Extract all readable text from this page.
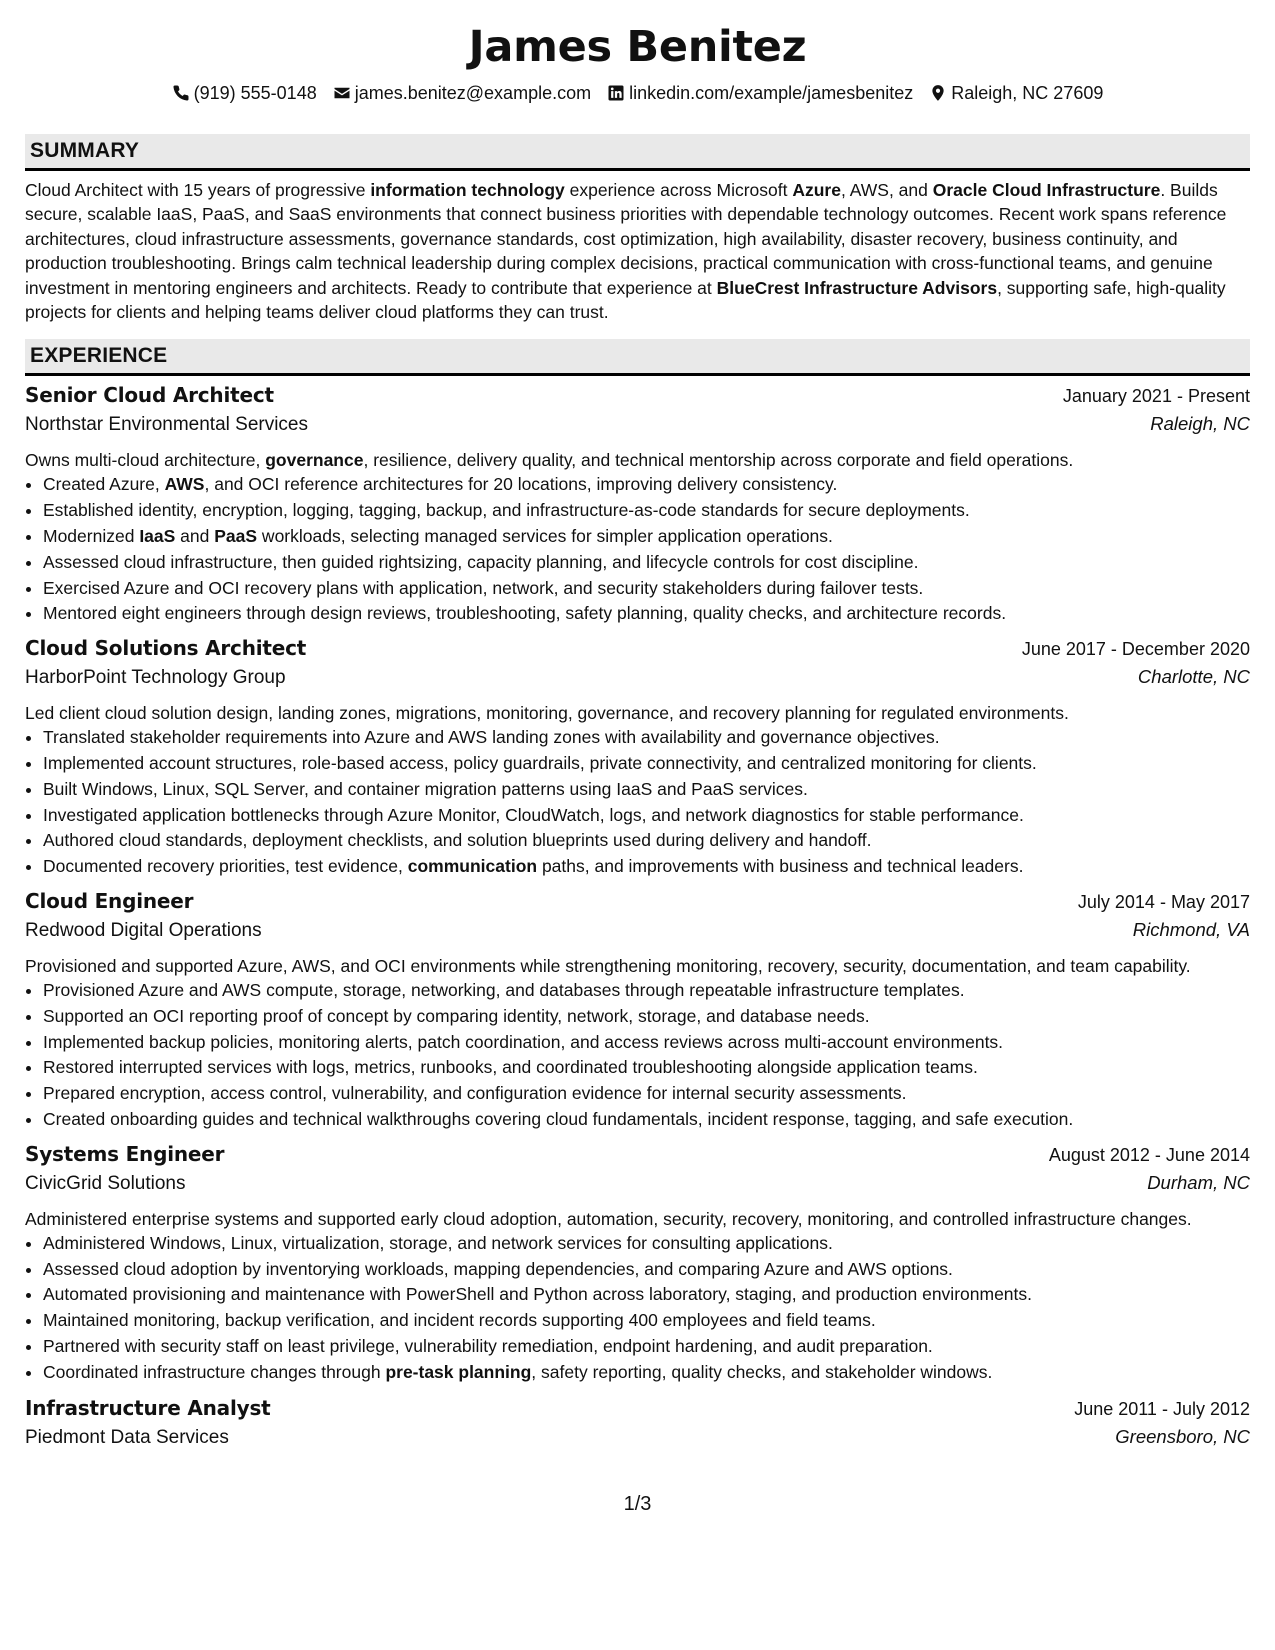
James Benitez
(919) 555-0148 james.benitez@example.com linkedin.com/example/jamesbenitez Raleigh, NC 27609
SUMMARY
Cloud Architect with 15 years of progressive information technology experience across Microsoft Azure, AWS, and Oracle Cloud Infrastructure. Builds secure, scalable IaaS, PaaS, and SaaS environments that connect business priorities with dependable technology outcomes. Recent work spans reference architectures, cloud infrastructure assessments, governance standards, cost optimization, high availability, disaster recovery, business continuity, and production troubleshooting. Brings calm technical leadership during complex decisions, practical communication with cross-functional teams, and genuine investment in mentoring engineers and architects. Ready to contribute that experience at BlueCrest Infrastructure Advisors, supporting safe, high-quality projects for clients and helping teams deliver cloud platforms they can trust.
EXPERIENCE
Senior Cloud Architect	January 2021 - Present
Northstar Environmental Services	Raleigh, NC
Owns multi-cloud architecture, governance, resilience, delivery quality, and technical mentorship across corporate and field operations.
• Created Azure, AWS, and OCI reference architectures for 20 locations, improving delivery consistency.
• Established identity, encryption, logging, tagging, backup, and infrastructure-as-code standards for secure deployments.
• Modernized IaaS and PaaS workloads, selecting managed services for simpler application operations.
• Assessed cloud infrastructure, then guided rightsizing, capacity planning, and lifecycle controls for cost discipline.
• Exercised Azure and OCI recovery plans with application, network, and security stakeholders during failover tests.
• Mentored eight engineers through design reviews, troubleshooting, safety planning, quality checks, and architecture records.
Cloud Solutions Architect	June 2017 - December 2020
HarborPoint Technology Group	Charlotte, NC
Led client cloud solution design, landing zones, migrations, monitoring, governance, and recovery planning for regulated environments.
• Translated stakeholder requirements into Azure and AWS landing zones with availability and governance objectives.
• Implemented account structures, role-based access, policy guardrails, private connectivity, and centralized monitoring for clients.
• Built Windows, Linux, SQL Server, and container migration patterns using IaaS and PaaS services.
• Investigated application bottlenecks through Azure Monitor, CloudWatch, logs, and network diagnostics for stable performance.
• Authored cloud standards, deployment checklists, and solution blueprints used during delivery and handoff.
• Documented recovery priorities, test evidence, communication paths, and improvements with business and technical leaders.
Cloud Engineer	July 2014 - May 2017
Redwood Digital Operations	Richmond, VA
Provisioned and supported Azure, AWS, and OCI environments while strengthening monitoring, recovery, security, documentation, and team capability.
• Provisioned Azure and AWS compute, storage, networking, and databases through repeatable infrastructure templates.
• Supported an OCI reporting proof of concept by comparing identity, network, storage, and database needs.
• Implemented backup policies, monitoring alerts, patch coordination, and access reviews across multi-account environments.
• Restored interrupted services with logs, metrics, runbooks, and coordinated troubleshooting alongside application teams.
• Prepared encryption, access control, vulnerability, and configuration evidence for internal security assessments.
• Created onboarding guides and technical walkthroughs covering cloud fundamentals, incident response, tagging, and safe execution.
Systems Engineer	August 2012 - June 2014
CivicGrid Solutions	Durham, NC
Administered enterprise systems and supported early cloud adoption, automation, security, recovery, monitoring, and controlled infrastructure changes.
• Administered Windows, Linux, virtualization, storage, and network services for consulting applications.
• Assessed cloud adoption by inventorying workloads, mapping dependencies, and comparing Azure and AWS options.
• Automated provisioning and maintenance with PowerShell and Python across laboratory, staging, and production environments.
• Maintained monitoring, backup verification, and incident records supporting 400 employees and field teams.
• Partnered with security staff on least privilege, vulnerability remediation, endpoint hardening, and audit preparation.
• Coordinated infrastructure changes through pre-task planning, safety reporting, quality checks, and stakeholder windows.
Infrastructure Analyst	June 2011 - July 2012
Piedmont Data Services	Greensboro, NC
1/3
